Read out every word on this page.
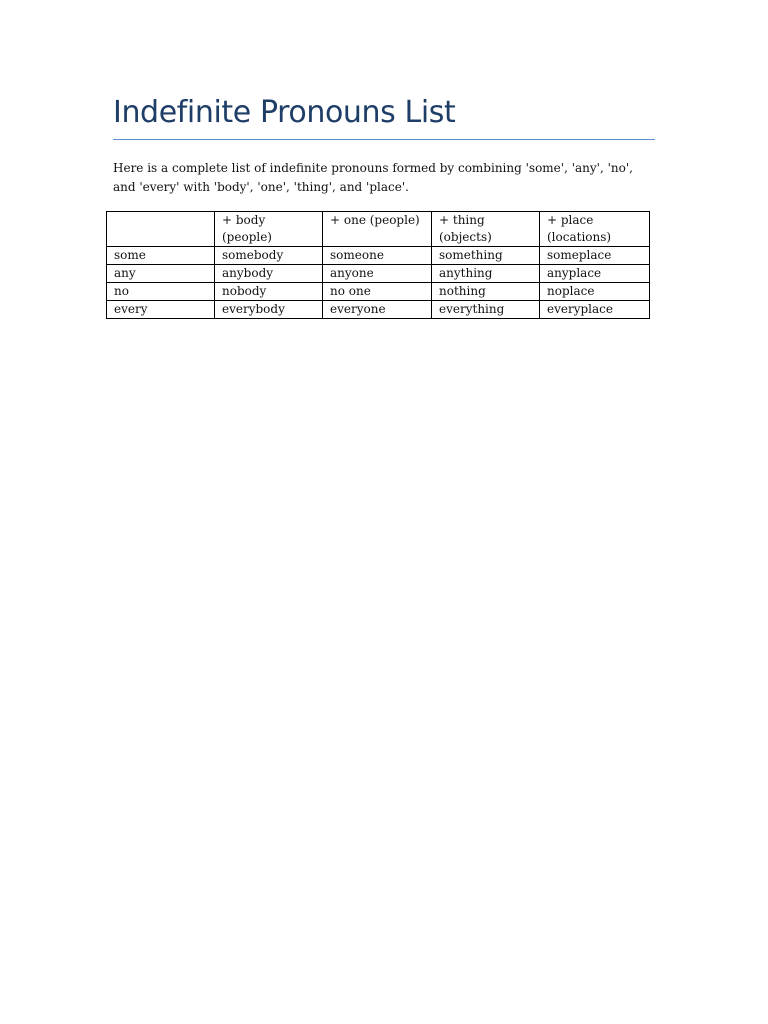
Indefinite Pronouns List

Here is a complete list of indefinite pronouns formed by combining 'some', 'any', 'no', and 'every' with 'body', 'one', 'thing', and 'place'.

	+ body (people)	+ one (people)	+ thing (objects)	+ place (locations)
some	somebody	someone	something	someplace
any	anybody	anyone	anything	anyplace
no	nobody	no one	nothing	noplace
every	everybody	everyone	everything	everyplace
